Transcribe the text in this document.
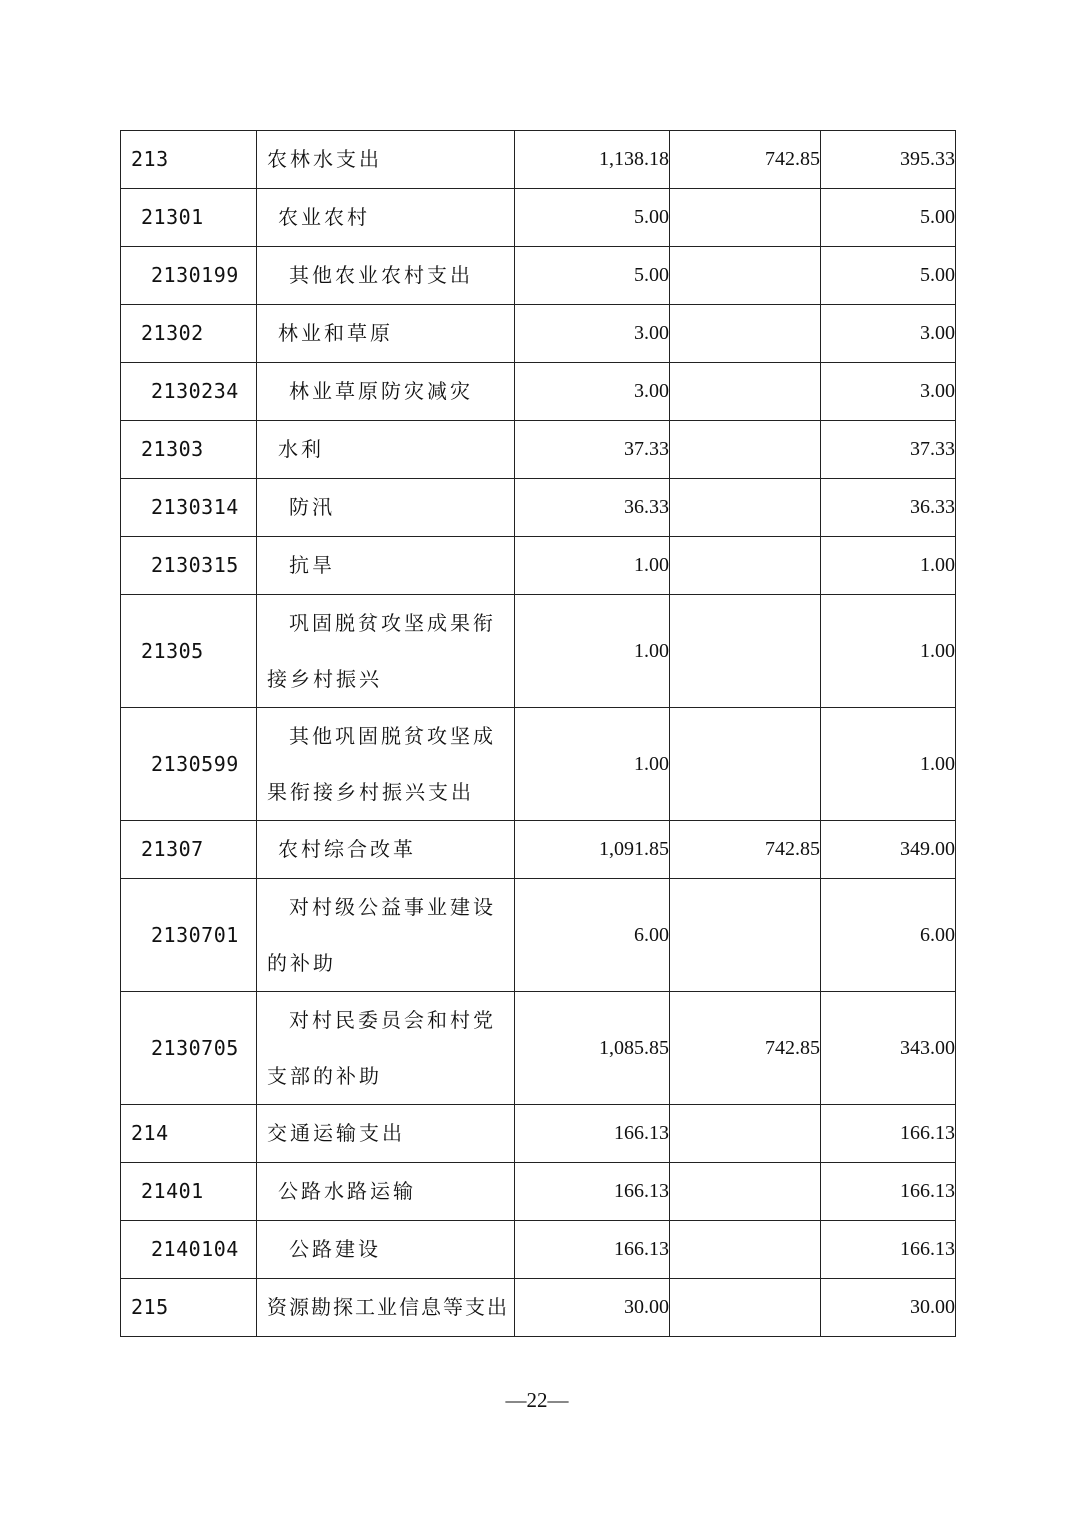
213	农林水支出	1,138.18	742.85	395.33
21301	农业农村	5.00		5.00
2130199	其他农业农村支出	5.00		5.00
21302	林业和草原	3.00		3.00
2130234	林业草原防灾减灾	3.00		3.00
21303	水利	37.33		37.33
2130314	防汛	36.33		36.33
2130315	抗旱	1.00		1.00
21305	巩固脱贫攻坚成果衔接乡村振兴	1.00		1.00
2130599	其他巩固脱贫攻坚成果衔接乡村振兴支出	1.00		1.00
21307	农村综合改革	1,091.85	742.85	349.00
2130701	对村级公益事业建设的补助	6.00		6.00
2130705	对村民委员会和村党支部的补助	1,085.85	742.85	343.00
214	交通运输支出	166.13		166.13
21401	公路水路运输	166.13		166.13
2140104	公路建设	166.13		166.13
215	资源勘探工业信息等支出	30.00		30.00
—22—
